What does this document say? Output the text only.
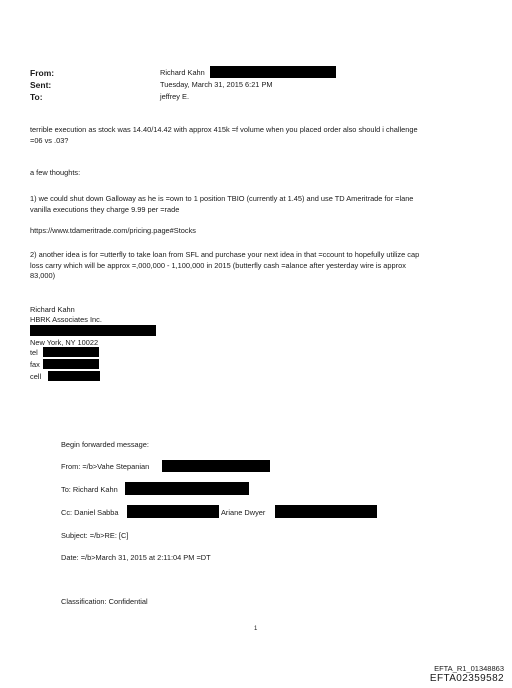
From:
Sent:
To:
Richard Kahn
Tuesday, March 31, 2015 6:21 PM
jeffrey E.
terrible execution as stock was 14.40/14.42 with approx 415k =f volume when you placed order also should i challenge
=06 vs .03?
a few thoughts:
1) we could shut down Galloway as he is =own to 1 position TBIO (currently at 1.45) and use TD Ameritrade for =lane
vanilla executions they charge 9.99 per =rade
https://www.tdameritrade.com/pricing.page#Stocks
2) another idea is for =utterfly to take loan from SFL and purchase your next idea in that =ccount to hopefully utilize cap
loss carry which will be approx =,000,000 - 1,100,000 in 2015 (butterfly cash =alance after yesterday wire is approx
83,000)
Richard Kahn
HBRK Associates Inc.
New York, NY 10022
tel
fax
cell
Begin forwarded message:
From: =/b>Vahe Stepanian
To: Richard Kahn
Cc: Daniel Sabba	Ariane Dwyer
Subject: =/b>RE: [C]
Date: =/b>March 31, 2015 at 2:11:04 PM =DT
Classification: Confidential
1
EFTA_R1_01348863
EFTA02359582
